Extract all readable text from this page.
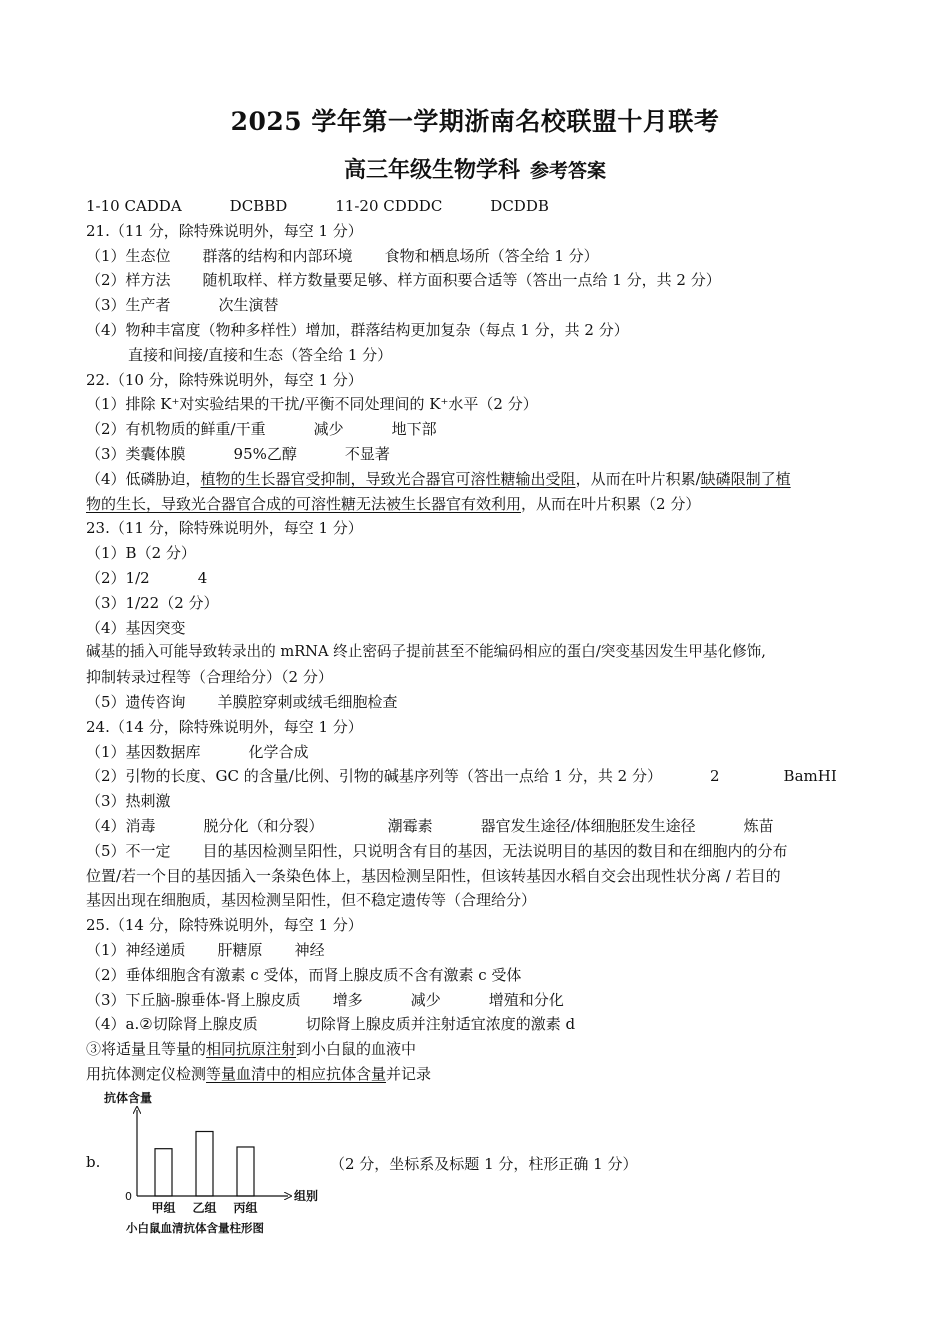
2025 学年第一学期浙南名校联盟十月联考
高三年级生物学科 参考答案
1-10 CADDA	DCBBD	11-20 CDDDC	DCDDB
21.（11 分，除特殊说明外，每空 1 分）
（1）生态位 群落的结构和内部环境 食物和栖息场所（答全给 1 分）
（2）样方法 随机取样、样方数量要足够、样方面积要合适等（答出一点给 1 分，共 2 分）
（3）生产者	次生演替
（4）物种丰富度（物种多样性）增加，群落结构更加复杂（每点 1 分，共 2 分）
直接和间接/直接和生态（答全给 1 分）
22.（10 分，除特殊说明外，每空 1 分）
（1）排除 K⁺对实验结果的干扰/平衡不同处理间的 K⁺水平（2 分）
（2）有机物质的鲜重/干重	减少	地下部
（3）类囊体膜	95%乙醇	不显著
（4）低磷胁迫，植物的生长器官受抑制，导致光合器官可溶性糖输出受阻，从而在叶片积累/缺磷限制了植
物的生长，导致光合器官合成的可溶性糖无法被生长器官有效利用，从而在叶片积累（2 分）
23.（11 分，除特殊说明外，每空 1 分）
（1）B（2 分）
（2）1/2	4
（3）1/22（2 分）
（4）基因突变
碱基的插入可能导致转录出的 mRNA 终止密码子提前甚至不能编码相应的蛋白/突变基因发生甲基化修饰,
抑制转录过程等（合理给分）（2 分）
（5）遗传咨询 羊膜腔穿刺或绒毛细胞检查
24.（14 分，除特殊说明外，每空 1 分）
（1）基因数据库	化学合成
（2）引物的长度、GC 的含量/比例、引物的碱基序列等（答出一点给 1 分，共 2 分）	2	BamHI
（3）热刺激
（4）消毒	脱分化（和分裂）	潮霉素	器官发生途径/体细胞胚发生途径	炼苗
（5）不一定 目的基因检测呈阳性，只说明含有目的基因，无法说明目的基因的数目和在细胞内的分布
位置/若一个目的基因插入一条染色体上，基因检测呈阳性，但该转基因水稻自交会出现性状分离 / 若目的
基因出现在细胞质，基因检测呈阳性，但不稳定遗传等（合理给分）
25.（14 分，除特殊说明外，每空 1 分）
（1）神经递质 肝糖原 神经
（2）垂体细胞含有激素 c 受体，而肾上腺皮质不含有激素 c 受体
（3）下丘脑-腺垂体-肾上腺皮质 增多	减少	增殖和分化
（4）a.②切除肾上腺皮质	切除肾上腺皮质并注射适宜浓度的激素 d
③将适量且等量的相同抗原注射到小白鼠的血液中
用抗体测定仪检测等量血清中的相应抗体含量并记录
b.
抗体含量
0	组别
甲组 乙组 丙组
小白鼠血清抗体含量柱形图
（2 分，坐标系及标题 1 分，柱形正确 1 分）
